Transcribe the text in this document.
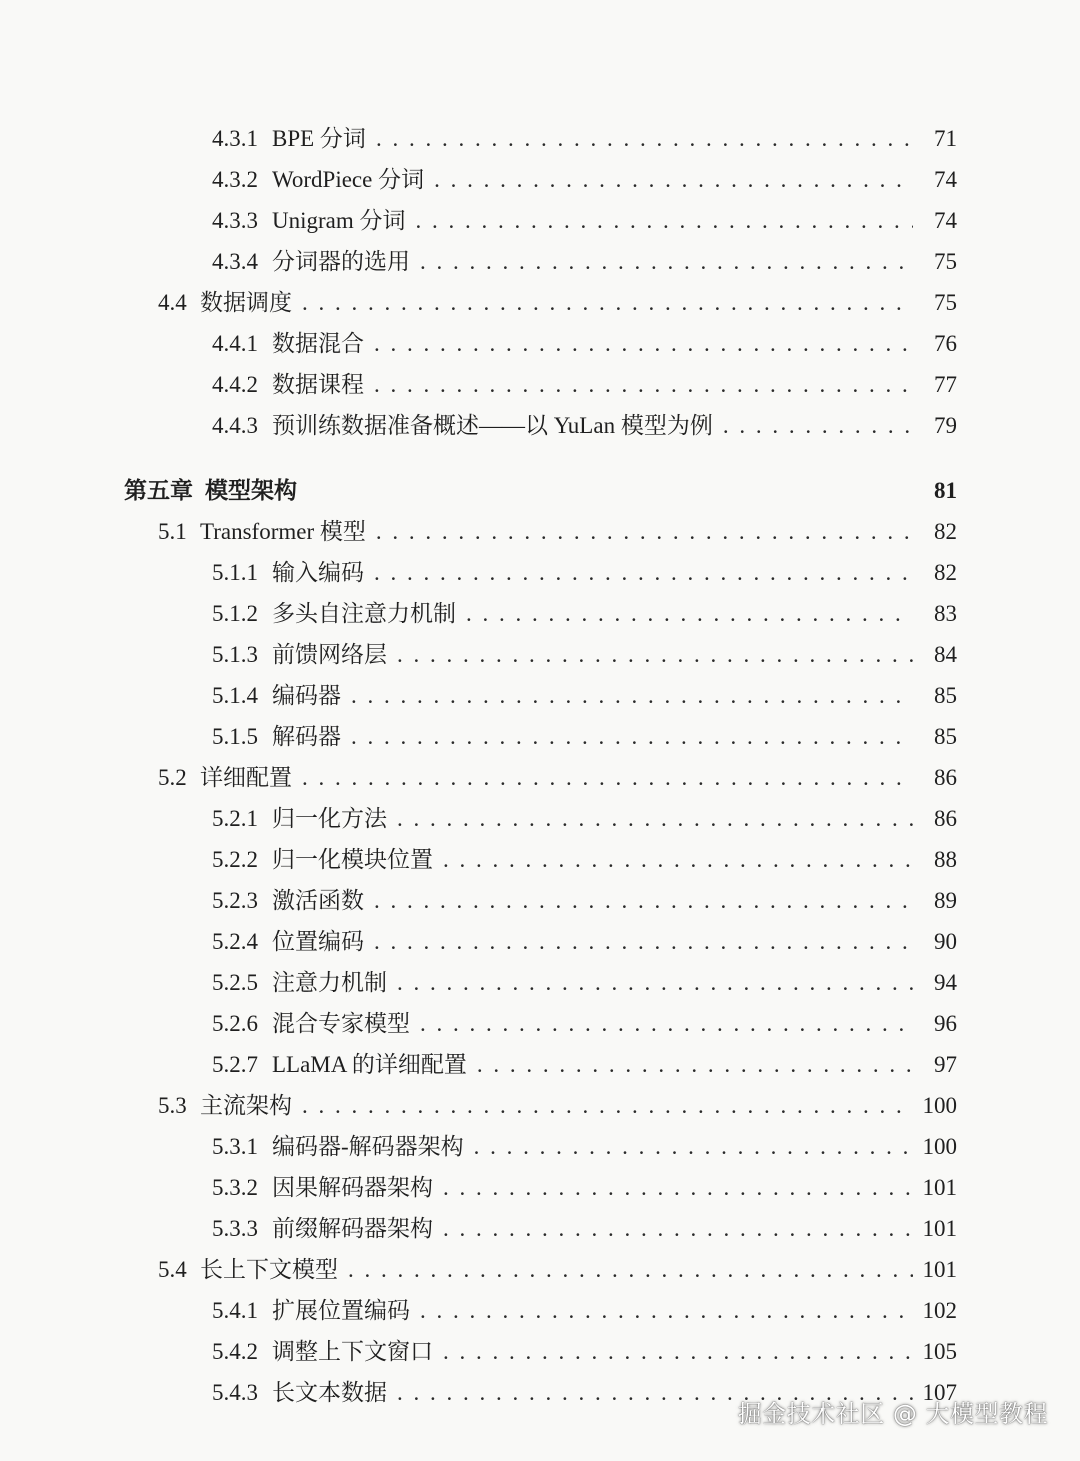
4.3.1 BPE 分词 . . .	71
4.3.2 WordPiece 分词 . . .	74
4.3.3 Unigram 分词 . . .	74
4.3.4 分词器的选用 . . .	75
4.4 数据调度 . . .	75
4.4.1 数据混合 . . .	76
4.4.2 数据课程 . . .	77
4.4.3 预训练数据准备概述——以 YuLan 模型为例 . . .	79
第五章 模型架构	81
5.1 Transformer 模型 . . .	82
5.1.1 输入编码 . . .	82
5.1.2 多头自注意力机制 . . .	83
5.1.3 前馈网络层 . . .	84
5.1.4 编码器 . . .	85
5.1.5 解码器 . . .	85
5.2 详细配置 . . .	86
5.2.1 归一化方法 . . .	86
5.2.2 归一化模块位置 . . .	88
5.2.3 激活函数 . . .	89
5.2.4 位置编码 . . .	90
5.2.5 注意力机制 . . .	94
5.2.6 混合专家模型 . . .	96
5.2.7 LLaMA 的详细配置 . . .	97
5.3 主流架构 . . .	100
5.3.1 编码器-解码器架构 . . .	100
5.3.2 因果解码器架构 . . .	101
5.3.3 前缀解码器架构 . . .	101
5.4 长上下文模型 . . .	101
5.4.1 扩展位置编码 . . .	102
5.4.2 调整上下文窗口 . . .	105
5.4.3 长文本数据 . . .	107
掘金技术社区 @ 大模型教程
